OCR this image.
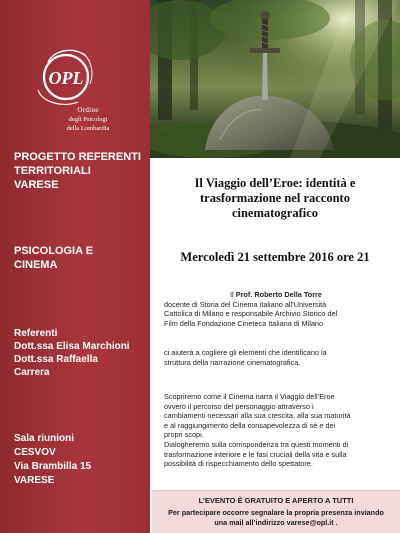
OPL
Ordine
degli Psicologi
della Lombardia
PROGETTO REFERENTI
TERRITORIALI
VARESE
PSICOLOGIA E
CINEMA
Referenti
Dott.ssa Elisa Marchioni
Dott.ssa Raffaella
Carrera
Sala riunioni
CESVOV
Via Brambilla 15
VARESE
Il Viaggio dell’Eroe: identità e
trasformazione nel racconto
cinematografico
Mercoledì 21 settembre 2016 ore 21
Il Prof. Roberto Della Torre
docente di Storia del Cinema italiano all’Università
Cattolica di Milano e responsabile Archivio Storico del
Film della Fondazione Cineteca Italiana di Milano
ci aiuterà a cogliere gli elementi che identificano la
struttura della narrazione cinematografica.
Scopriremo come il Cinema narra il Viaggio dell’Eroe
ovvero il percorso del personaggio attraverso i
cambiamenti necessari alla sua crescita, alla sua maturità
e al raggiungimento della consapevolezza di sé e dei
propri scopi.
Dialogheremo sulla corrispondenza tra questi momenti di
trasformazione interiore e le fasi cruciali della vita e sulla
possibilità di rispecchiamento dello spettatore.
L’EVENTO È GRATUITO E APERTO A TUTTI
Per partecipare occorre segnalare la propria presenza inviando
una mail all’indirizzo varese@opl.it .
